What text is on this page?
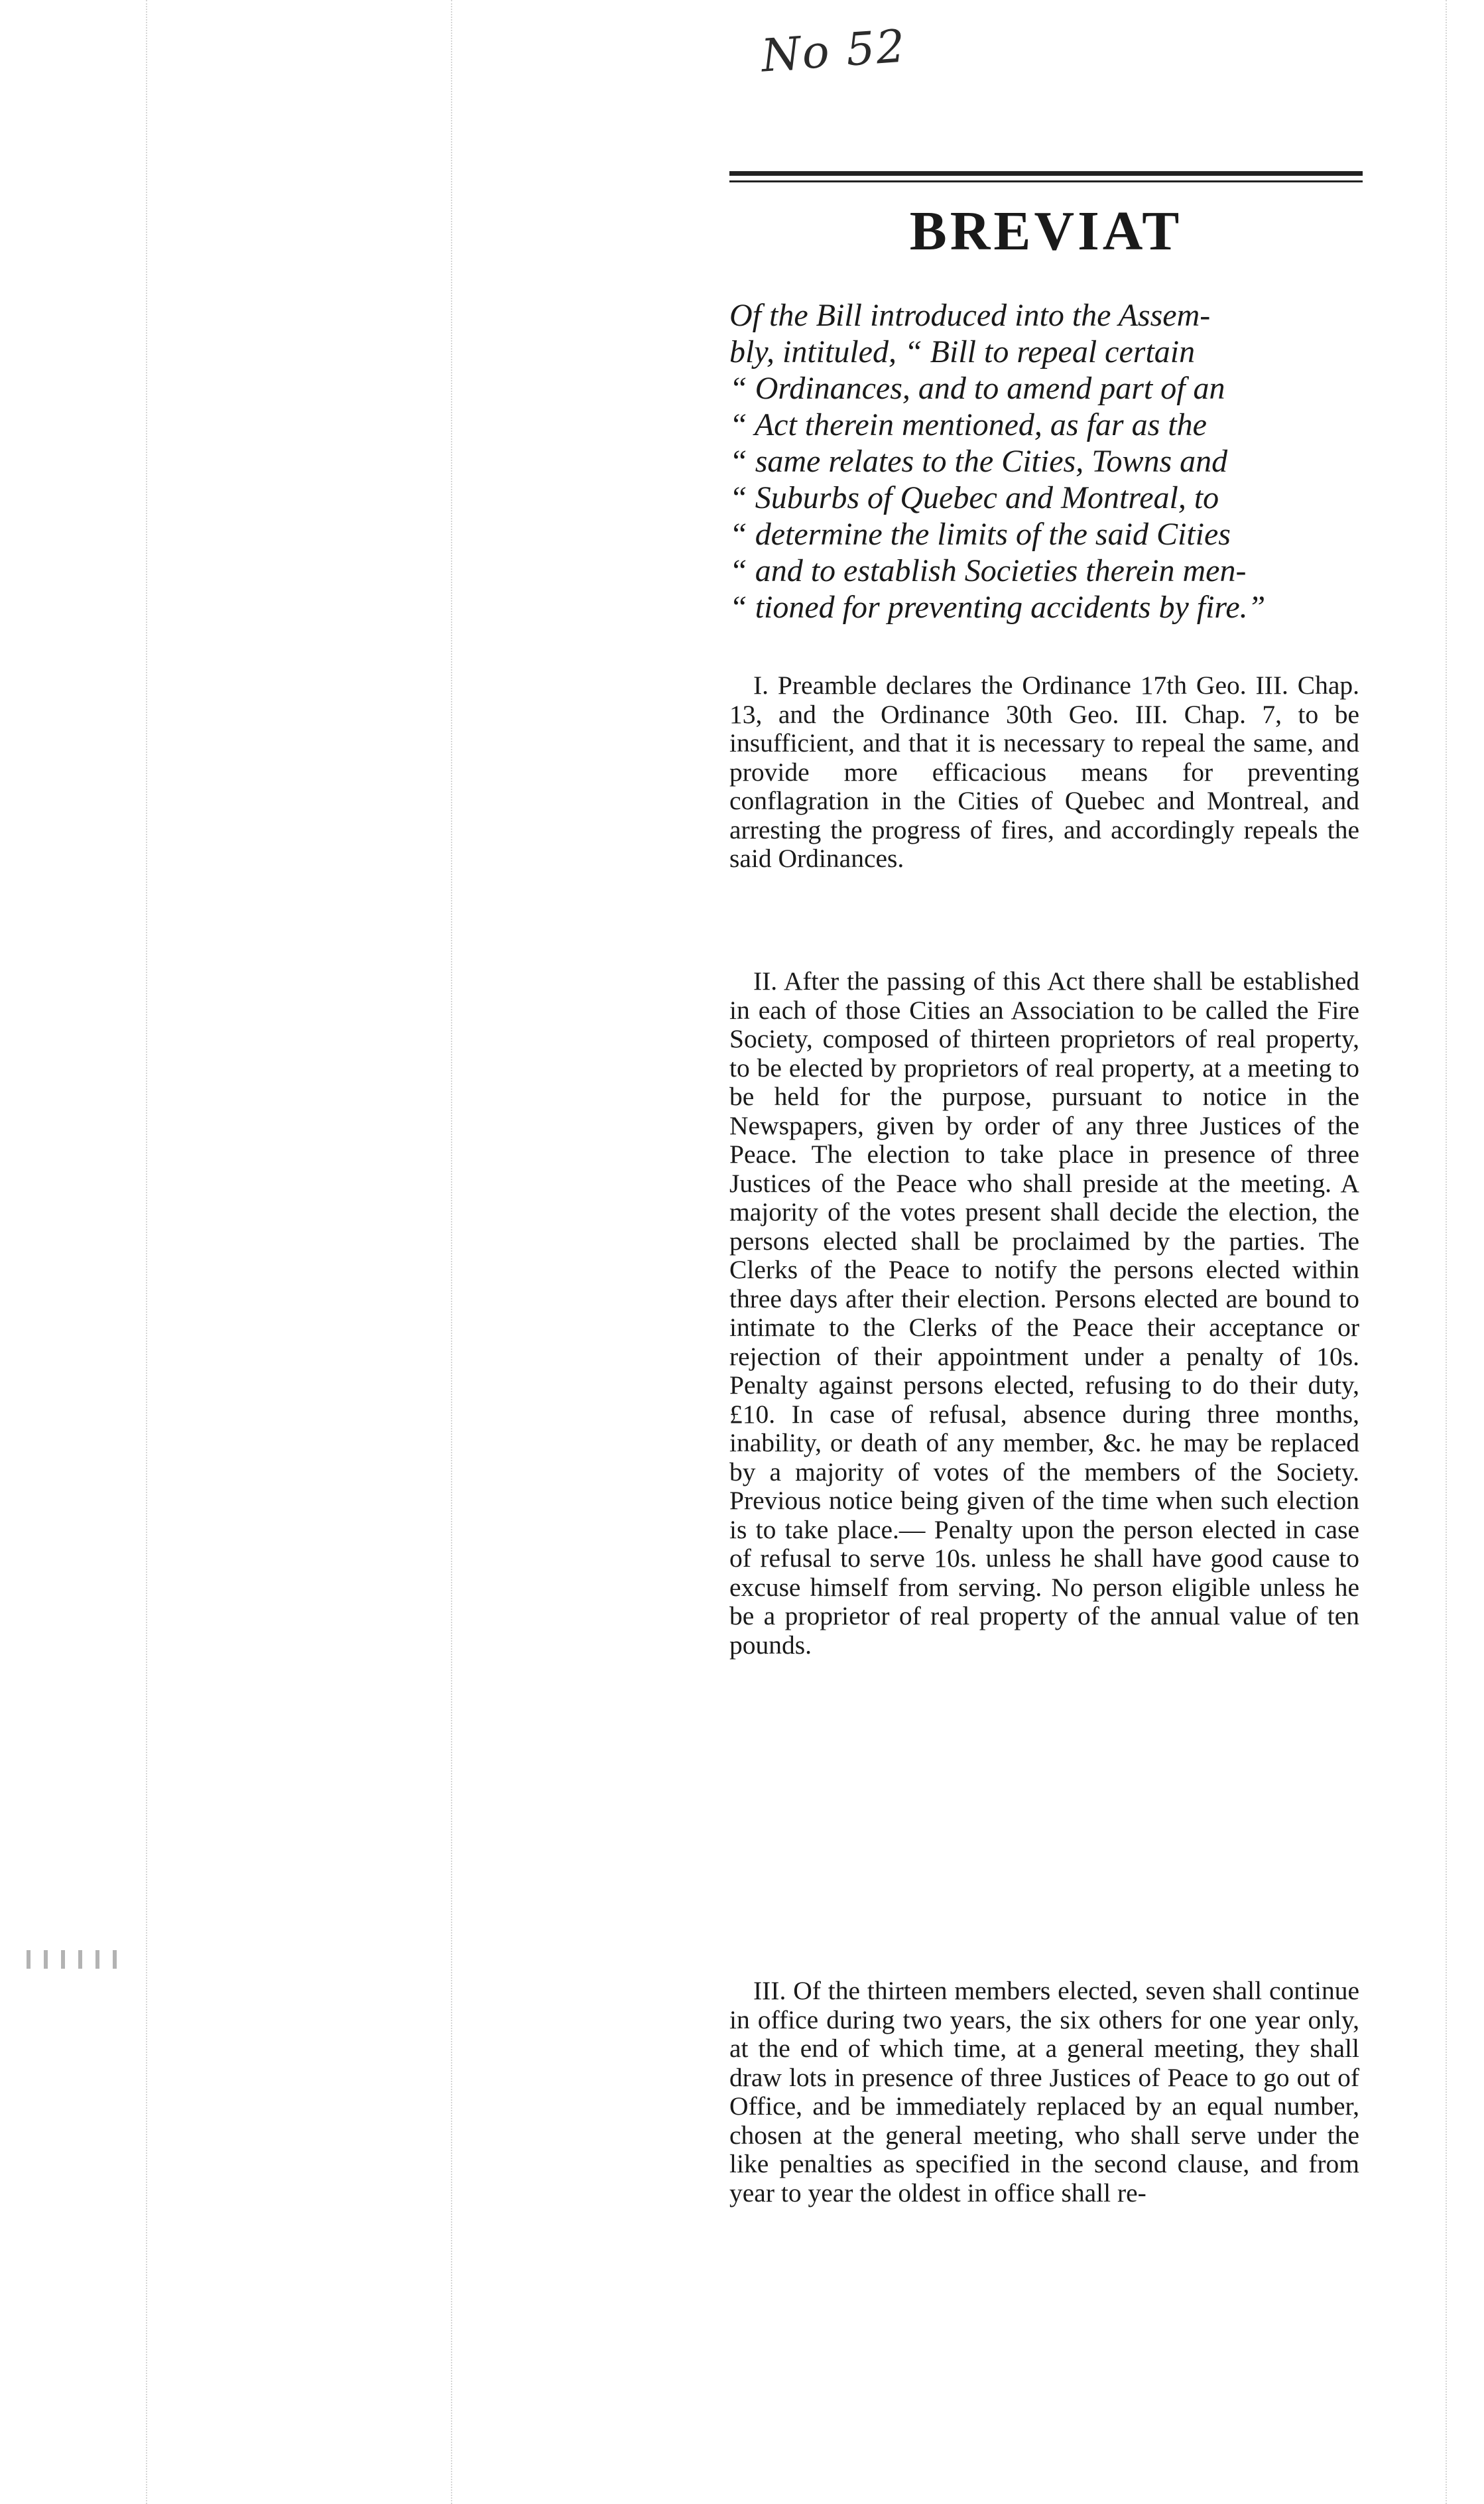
No 52
BREVIAT
Of the Bill introduced into the Assem-
bly, intituled, “ Bill to repeal certain
“ Ordinances, and to amend part of an
“ Act therein mentioned, as far as the
“ same relates to the Cities, Towns and
“ Suburbs of Quebec and Montreal, to
“ determine the limits of the said Cities
“ and to establish Societies therein men-
“ tioned for preventing accidents by fire.”

I. Preamble declares the Ordinance 17th Geo. III. Chap. 13, and the Ordinance 30th Geo. III. Chap. 7, to be insufficient, and that it is necessary to repeal the same, and provide more efficacious means for preventing conflagration in the Cities of Quebec and Montreal, and arresting the progress of fires, and accordingly repeals the said Ordinances.

II. After the passing of this Act there shall be established in each of those Cities an Association to be called the Fire Society, composed of thirteen proprietors of real property, to be elected by proprietors of real property, at a meeting to be held for the purpose, pursuant to notice in the Newspapers, given by order of any three Justices of the Peace. The election to take place in presence of three Justices of the Peace who shall preside at the meeting. A majority of the votes present shall decide the election, the persons elected shall be proclaimed by the parties. The Clerks of the Peace to notify the persons elected within three days after their election. Persons elected are bound to intimate to the Clerks of the Peace their acceptance or rejection of their appointment under a penalty of 10s. Penalty against persons elected, refusing to do their duty, £10. In case of refusal, absence during three months, inability, or death of any member, &c. he may be replaced by a majority of votes of the members of the Society. Previous notice being given of the time when such election is to take place.— Penalty upon the person elected in case of refusal to serve 10s. unless he shall have good cause to excuse himself from serving. No person eligible unless he be a proprietor of real property of the annual value of ten pounds.

III. Of the thirteen members elected, seven shall continue in office during two years, the six others for one year only, at the end of which time, at a general meeting, they shall draw lots in presence of three Justices of Peace to go out of Office, and be immediately replaced by an equal number, chosen at the general meeting, who shall serve under the like penalties as specified in the second clause, and from year to year the oldest in office shall re-
